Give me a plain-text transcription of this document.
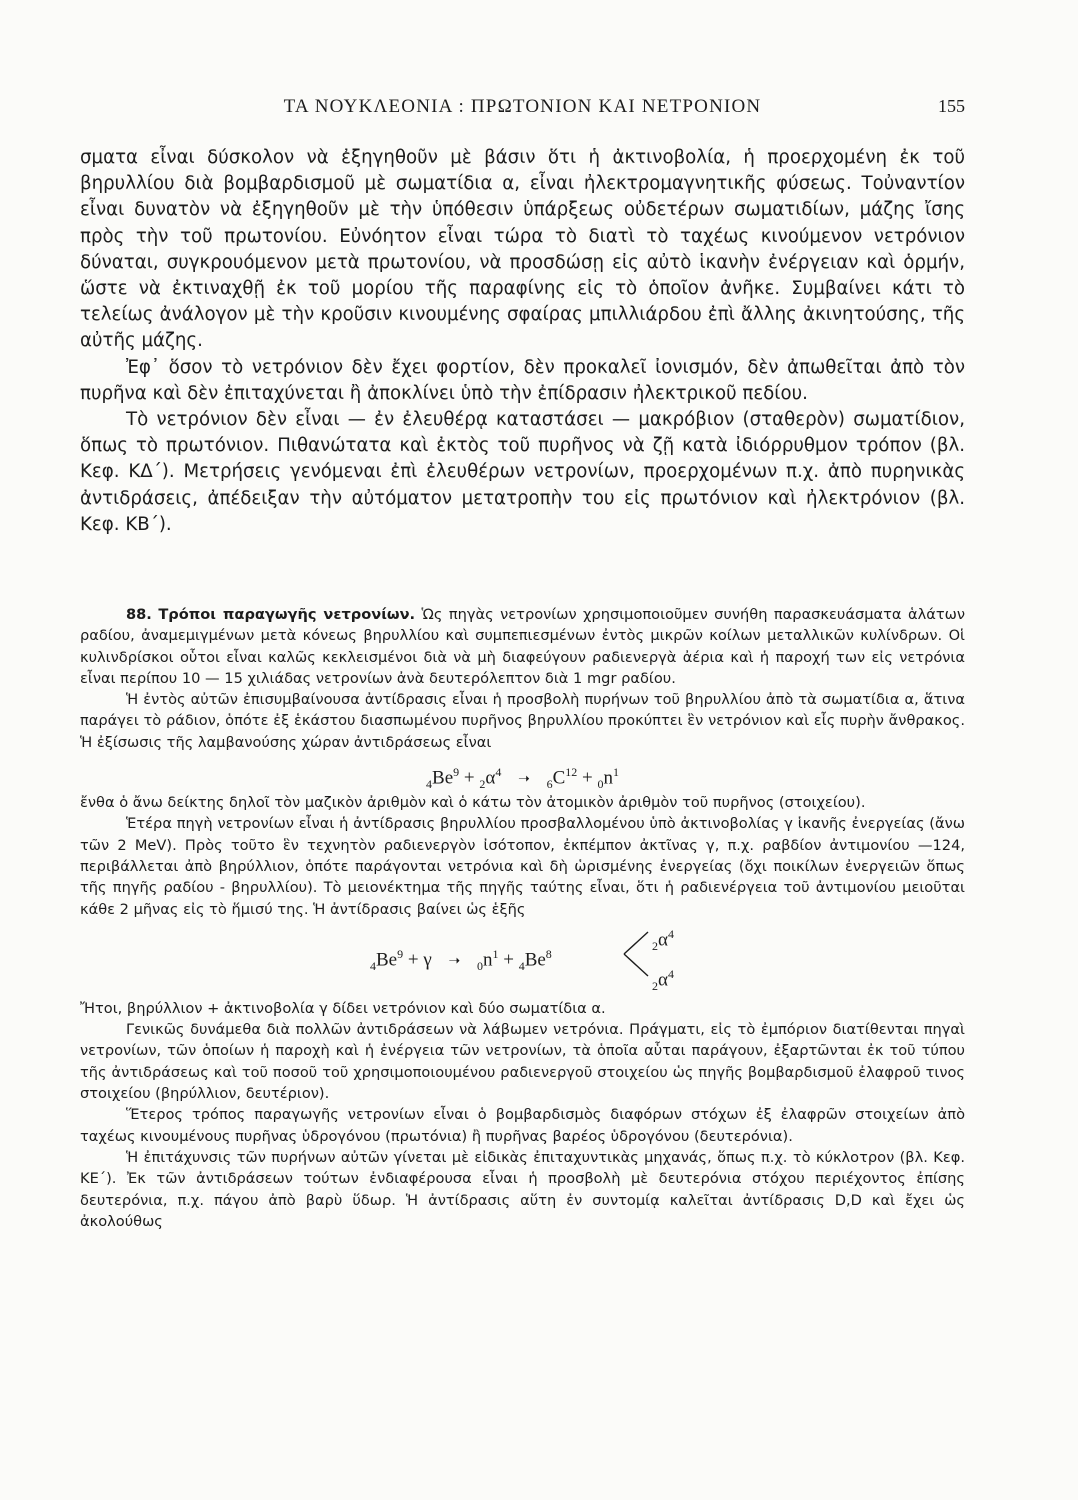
ΤΑ ΝΟΥΚΛΕΟΝΙΑ : ΠΡΩΤΟΝΙΟΝ ΚΑΙ ΝΕΤΡΟΝΙΟΝ	155

σματα εἶναι δύσκολον νὰ ἐξηγηθοῦν μὲ βάσιν ὅτι ἡ ἀκτινοβολία, ἡ προερχομένη ἐκ τοῦ βηρυλλίου διὰ βομβαρδισμοῦ μὲ σωματίδια α, εἶναι ἠλεκτρομαγνητικῆς φύσεως. Τοὐναντίον εἶναι δυνατὸν νὰ ἐξηγηθοῦν μὲ τὴν ὑπόθεσιν ὑπάρξεως οὐδετέρων σωματιδίων, μάζης ἴσης πρὸς τὴν τοῦ πρωτονίου. Εὐνόητον εἶναι τώρα τὸ διατὶ τὸ ταχέως κινούμενον νετρόνιον δύναται, συγκρουόμενον μετὰ πρωτονίου, νὰ προσδώσῃ εἰς αὐτὸ ἱκανὴν ἐνέργειαν καὶ ὁρμήν, ὥστε νὰ ἐκτιναχθῇ ἐκ τοῦ μορίου τῆς παραφίνης εἰς τὸ ὁποῖον ἀνῆκε. Συμβαίνει κάτι τὸ τελείως ἀνάλογον μὲ τὴν κροῦσιν κινουμένης σφαίρας μπιλλιάρδου ἐπὶ ἄλλης ἀκινητούσης, τῆς αὐτῆς μάζης.

Ἐφ᾽ ὅσον τὸ νετρόνιον δὲν ἔχει φορτίον, δὲν προκαλεῖ ἰονισμόν, δὲν ἀπωθεῖται ἀπὸ τὸν πυρῆνα καὶ δὲν ἐπιταχύνεται ἢ ἀποκλίνει ὑπὸ τὴν ἐπίδρασιν ἠλεκτρικοῦ πεδίου.

Τὸ νετρόνιον δὲν εἶναι — ἐν ἐλευθέρᾳ καταστάσει — μακρόβιον (σταθερὸν) σωματίδιον, ὅπως τὸ πρωτόνιον. Πιθανώτατα καὶ ἐκτὸς τοῦ πυρῆνος νὰ ζῇ κατὰ ἰδιόρρυθμον τρόπον (βλ. Κεφ. ΚΔ΄). Μετρήσεις γενόμεναι ἐπὶ ἐλευθέρων νετρονίων, προερχομένων π.χ. ἀπὸ πυρηνικὰς ἀντιδράσεις, ἀπέδειξαν τὴν αὐτόματον μετατροπὴν του εἰς πρωτόνιον καὶ ἠλεκτρόνιον (βλ. Κεφ. ΚΒ΄).

88. Τρόποι παραγωγῆς νετρονίων. Ὡς πηγὰς νετρονίων χρησιμοποιοῦμεν συνήθη παρασκευάσματα ἁλάτων ραδίου, ἀναμεμιγμένων μετὰ κόνεως βηρυλλίου καὶ συμπεπιεσμένων ἐντὸς μικρῶν κοίλων μεταλλικῶν κυλίνδρων. Οἱ κυλινδρίσκοι οὗτοι εἶναι καλῶς κεκλεισμένοι διὰ νὰ μὴ διαφεύγουν ραδιενεργὰ ἀέρια καὶ ἡ παροχή των εἰς νετρόνια εἶναι περίπου 10 — 15 χιλιάδας νετρονίων ἀνὰ δευτερόλεπτον διὰ 1 mgr ραδίου.

Ἡ ἐντὸς αὐτῶν ἐπισυμβαίνουσα ἀντίδρασις εἶναι ἡ προσβολὴ πυρήνων τοῦ βηρυλλίου ἀπὸ τὰ σωματίδια α, ἅτινα παράγει τὸ ράδιον, ὁπότε ἐξ ἑκάστου διασπωμένου πυρῆνος βηρυλλίου προκύπτει ἓν νετρόνιον καὶ εἷς πυρὴν ἄνθρακος. Ἡ ἐξίσωσις τῆς λαμβανούσης χώραν ἀντιδράσεως εἶναι

$_4Be^9 + _2\alpha^4$ ➝ $_6C^{12} + _0n^1$

ἔνθα ὁ ἄνω δείκτης δηλοῖ τὸν μαζικὸν ἀριθμὸν καὶ ὁ κάτω τὸν ἀτομικὸν ἀριθμὸν τοῦ πυρῆνος (στοιχείου).

Ἑτέρα πηγὴ νετρονίων εἶναι ἡ ἀντίδρασις βηρυλλίου προσβαλλομένου ὑπὸ ἀκτινοβολίας γ ἱκανῆς ἐνεργείας (ἄνω τῶν 2 MeV). Πρὸς τοῦτο ἓν τεχνητὸν ραδιενεργὸν ἰσότοπον, ἐκπέμπον ἀκτῖνας γ, π.χ. ραβδίον ἀντιμονίου —124, περιβάλλεται ἀπὸ βηρύλλιον, ὁπότε παράγονται νετρόνια καὶ δὴ ὡρισμένης ἐνεργείας (ὄχι ποικίλων ἐνεργειῶν ὅπως τῆς πηγῆς ραδίου - βηρυλλίου). Τὸ μειονέκτημα τῆς πηγῆς ταύτης εἶναι, ὅτι ἡ ραδιενέργεια τοῦ ἀντιμονίου μειοῦται κάθε 2 μῆνας εἰς τὸ ἥμισύ της. Ἡ ἀντίδρασις βαίνει ὡς ἑξῆς

$_4Be^9 + \gamma$ ➝ $_0n^1 + _4Be^8$
$_2\alpha^4$
$_2\alpha^4$

Ἤτοι, βηρύλλιον + ἀκτινοβολία γ δίδει νετρόνιον καὶ δύο σωματίδια α.

Γενικῶς δυνάμεθα διὰ πολλῶν ἀντιδράσεων νὰ λάβωμεν νετρόνια. Πράγματι, εἰς τὸ ἐμπόριον διατίθενται πηγαὶ νετρονίων, τῶν ὁποίων ἡ παροχὴ καὶ ἡ ἐνέργεια τῶν νετρονίων, τὰ ὁποῖα αὗται παράγουν, ἐξαρτῶνται ἐκ τοῦ τύπου τῆς ἀντιδράσεως καὶ τοῦ ποσοῦ τοῦ χρησιμοποιουμένου ραδιενεργοῦ στοιχείου ὡς πηγῆς βομβαρδισμοῦ ἐλαφροῦ τινος στοιχείου (βηρύλλιον, δευτέριον).

Ἕτερος τρόπος παραγωγῆς νετρονίων εἶναι ὁ βομβαρδισμὸς διαφόρων στόχων ἐξ ἐλαφρῶν στοιχείων ἀπὸ ταχέως κινουμένους πυρῆνας ὑδρογόνου (πρωτόνια) ἢ πυρῆνας βαρέος ὑδρογόνου (δευτερόνια).

Ἡ ἐπιτάχυνσις τῶν πυρήνων αὐτῶν γίνεται μὲ εἰδικὰς ἐπιταχυντικὰς μηχανάς, ὅπως π.χ. τὸ κύκλοτρον (βλ. Κεφ. ΚΕ΄). Ἐκ τῶν ἀντιδράσεων τούτων ἐνδιαφέρουσα εἶναι ἡ προσβολὴ μὲ δευτερόνια στόχου περιέχοντος ἐπίσης δευτερόνια, π.χ. πάγου ἀπὸ βαρὺ ὕδωρ. Ἡ ἀντίδρασις αὕτη ἐν συντομίᾳ καλεῖται ἀντίδρασις D,D καὶ ἔχει ὡς ἀκολούθως
